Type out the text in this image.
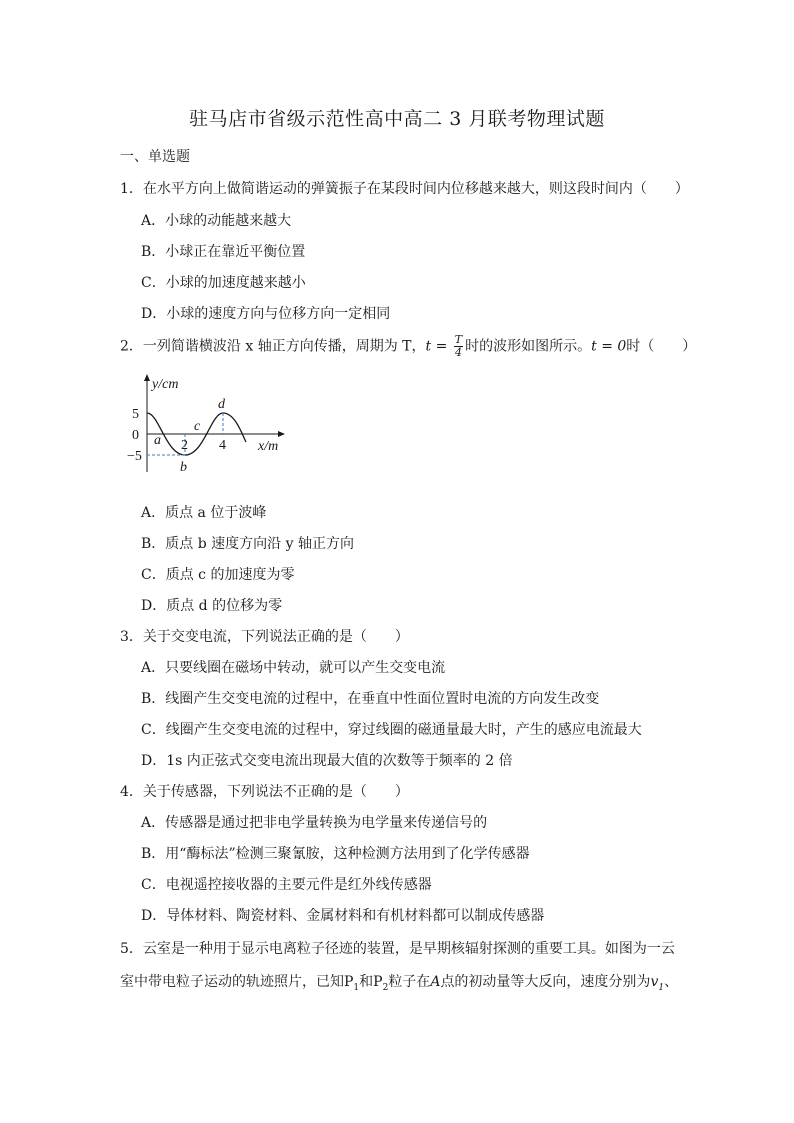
驻马店市省级示范性高中高二 3 月联考物理试题
一、单选题
1．在水平方向上做简谐运动的弹簧振子在某段时间内位移越来越大，则这段时间内（　　）
A．小球的动能越来越大
B．小球正在靠近平衡位置
C．小球的加速度越来越小
D．小球的速度方向与位移方向一定相同
2．一列简谐横波沿 x 轴正方向传播，周期为 T，$t = \frac{T}{4}$ 时的波形如图所示。t = 0时（　　）
y/cm
x/m
5
0
−5
2 4
a
b
c
d
A．质点 a 位于波峰
B．质点 b 速度方向沿 y 轴正方向
C．质点 c 的加速度为零
D．质点 d 的位移为零
3．关于交变电流，下列说法正确的是（　　）
A．只要线圈在磁场中转动，就可以产生交变电流
B．线圈产生交变电流的过程中，在垂直中性面位置时电流的方向发生改变
C．线圈产生交变电流的过程中，穿过线圈的磁通量最大时，产生的感应电流最大
D．1s 内正弦式交变电流出现最大值的次数等于频率的 2 倍
4．关于传感器，下列说法不正确的是（　　）
A．传感器是通过把非电学量转换为电学量来传递信号的
B．用“酶标法”检测三聚氰胺，这种检测方法用到了化学传感器
C．电视遥控接收器的主要元件是红外线传感器
D．导体材料、陶瓷材料、金属材料和有机材料都可以制成传感器
5．云室是一种用于显示电离粒子径迹的装置，是早期核辐射探测的重要工具。如图为一云
室中带电粒子运动的轨迹照片，已知$P_1$和$P_2$粒子在A点的初动量等大反向，速度分别为$v_1$、
